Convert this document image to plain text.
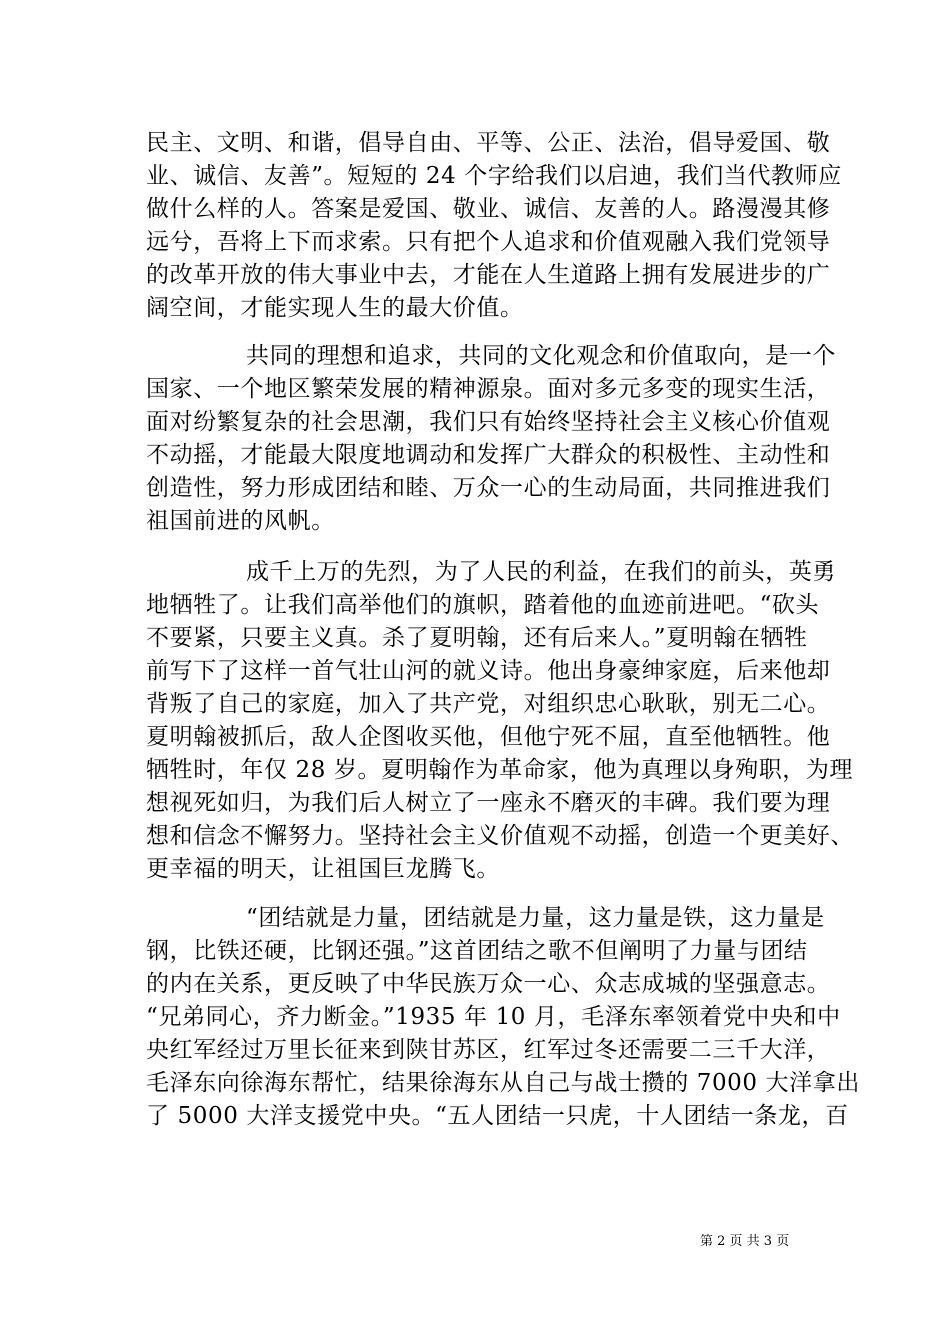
民主、文明、和谐，倡导自由、平等、公正、法治，倡导爱国、敬
业、诚信、友善”。短短的 24 个字给我们以启迪，我们当代教师应
做什么样的人。答案是爱国、敬业、诚信、友善的人。路漫漫其修
远兮，吾将上下而求索。只有把个人追求和价值观融入我们党领导
的改革开放的伟大事业中去，才能在人生道路上拥有发展进步的广
阔空间，才能实现人生的最大价值。
共同的理想和追求，共同的文化观念和价值取向，是一个
国家、一个地区繁荣发展的精神源泉。面对多元多变的现实生活，
面对纷繁复杂的社会思潮，我们只有始终坚持社会主义核心价值观
不动摇，才能最大限度地调动和发挥广大群众的积极性、主动性和
创造性，努力形成团结和睦、万众一心的生动局面，共同推进我们
祖国前进的风帆。
成千上万的先烈，为了人民的利益，在我们的前头，英勇
地牺牲了。让我们高举他们的旗帜，踏着他的血迹前进吧。“砍头
不要紧，只要主义真。杀了夏明翰，还有后来人。”夏明翰在牺牲
前写下了这样一首气壮山河的就义诗。他出身豪绅家庭，后来他却
背叛了自己的家庭，加入了共产党，对组织忠心耿耿，别无二心。
夏明翰被抓后，敌人企图收买他，但他宁死不屈，直至他牺牲。他
牺牲时，年仅 28 岁。夏明翰作为革命家，他为真理以身殉职，为理
想视死如归，为我们后人树立了一座永不磨灭的丰碑。我们要为理
想和信念不懈努力。坚持社会主义价值观不动摇，创造一个更美好、
更幸福的明天，让祖国巨龙腾飞。
“团结就是力量，团结就是力量，这力量是铁，这力量是
钢，比铁还硬，比钢还强。”这首团结之歌不但阐明了力量与团结
的内在关系，更反映了中华民族万众一心、众志成城的坚强意志。
“兄弟同心，齐力断金。”1935 年 10 月，毛泽东率领着党中央和中
央红军经过万里长征来到陕甘苏区，红军过冬还需要二三千大洋，
毛泽东向徐海东帮忙，结果徐海东从自己与战士攒的 7000 大洋拿出
了 5000 大洋支援党中央。“五人团结一只虎，十人团结一条龙，百
第 2 页 共 3 页
